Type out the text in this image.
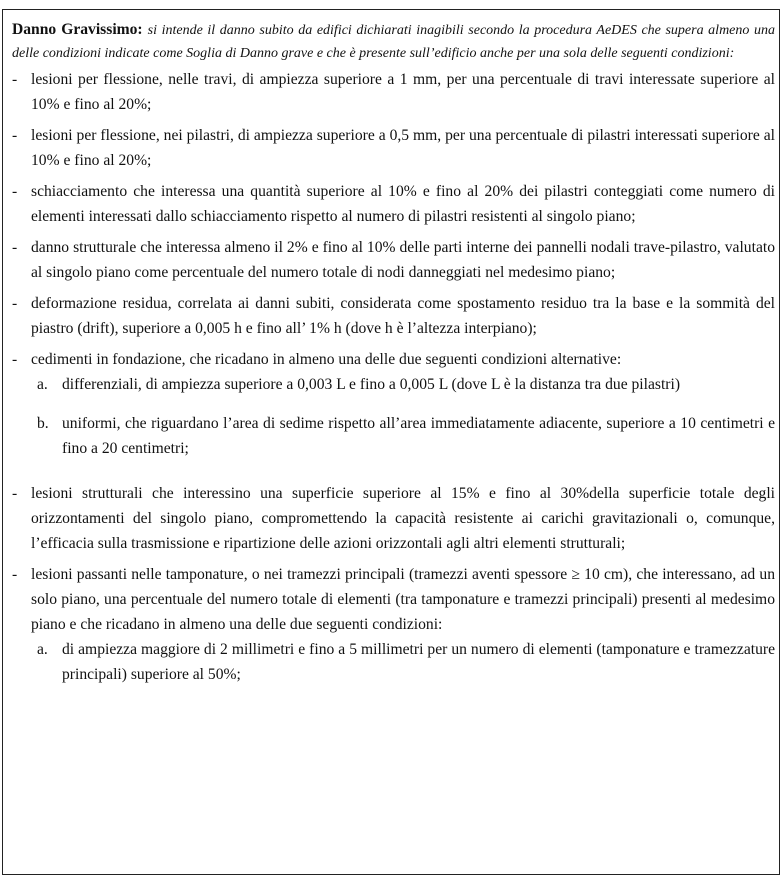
Danno Gravissimo: si intende il danno subito da edifici dichiarati inagibili secondo la procedura AeDES che supera almeno una delle condizioni indicate come Soglia di Danno grave e che è presente sull’edificio anche per una sola delle seguenti condizioni:

- lesioni per flessione, nelle travi, di ampiezza superiore a 1 mm, per una percentuale di travi interessate superiore al 10% e fino al 20%;
- lesioni per flessione, nei pilastri, di ampiezza superiore a 0,5 mm, per una percentuale di pilastri interessati superiore al 10% e fino al 20%;
- schiacciamento che interessa una quantità superiore al 10% e fino al 20% dei pilastri conteggiati come numero di elementi interessati dallo schiacciamento rispetto al numero di pilastri resistenti al singolo piano;
- danno strutturale che interessa almeno il 2% e fino al 10% delle parti interne dei pannelli nodali trave-pilastro, valutato al singolo piano come percentuale del numero totale di nodi danneggiati nel medesimo piano;
- deformazione residua, correlata ai danni subiti, considerata come spostamento residuo tra la base e la sommità del piastro (drift), superiore a 0,005 h e fino all’ 1% h (dove h è l’altezza interpiano);
- cedimenti in fondazione, che ricadano in almeno una delle due seguenti condizioni alternative:
a. differenziali, di ampiezza superiore a 0,003 L e fino a 0,005 L (dove L è la distanza tra due pilastri)
b. uniformi, che riguardano l’area di sedime rispetto all’area immediatamente adiacente, superiore a 10 centimetri e fino a 20 centimetri;
- lesioni strutturali che interessino una superficie superiore al 15% e fino al 30%della superficie totale degli orizzontamenti del singolo piano, compromettendo la capacità resistente ai carichi gravitazionali o, comunque, l’efficacia sulla trasmissione e ripartizione delle azioni orizzontali agli altri elementi strutturali;
- lesioni passanti nelle tamponature, o nei tramezzi principali (tramezzi aventi spessore ≥ 10 cm), che interessano, ad un solo piano, una percentuale del numero totale di elementi (tra tamponature e tramezzi principali) presenti al medesimo piano e che ricadano in almeno una delle due seguenti condizioni:
a. di ampiezza maggiore di 2 millimetri e fino a 5 millimetri per un numero di elementi (tamponature e tramezzature principali) superiore al 50%;
